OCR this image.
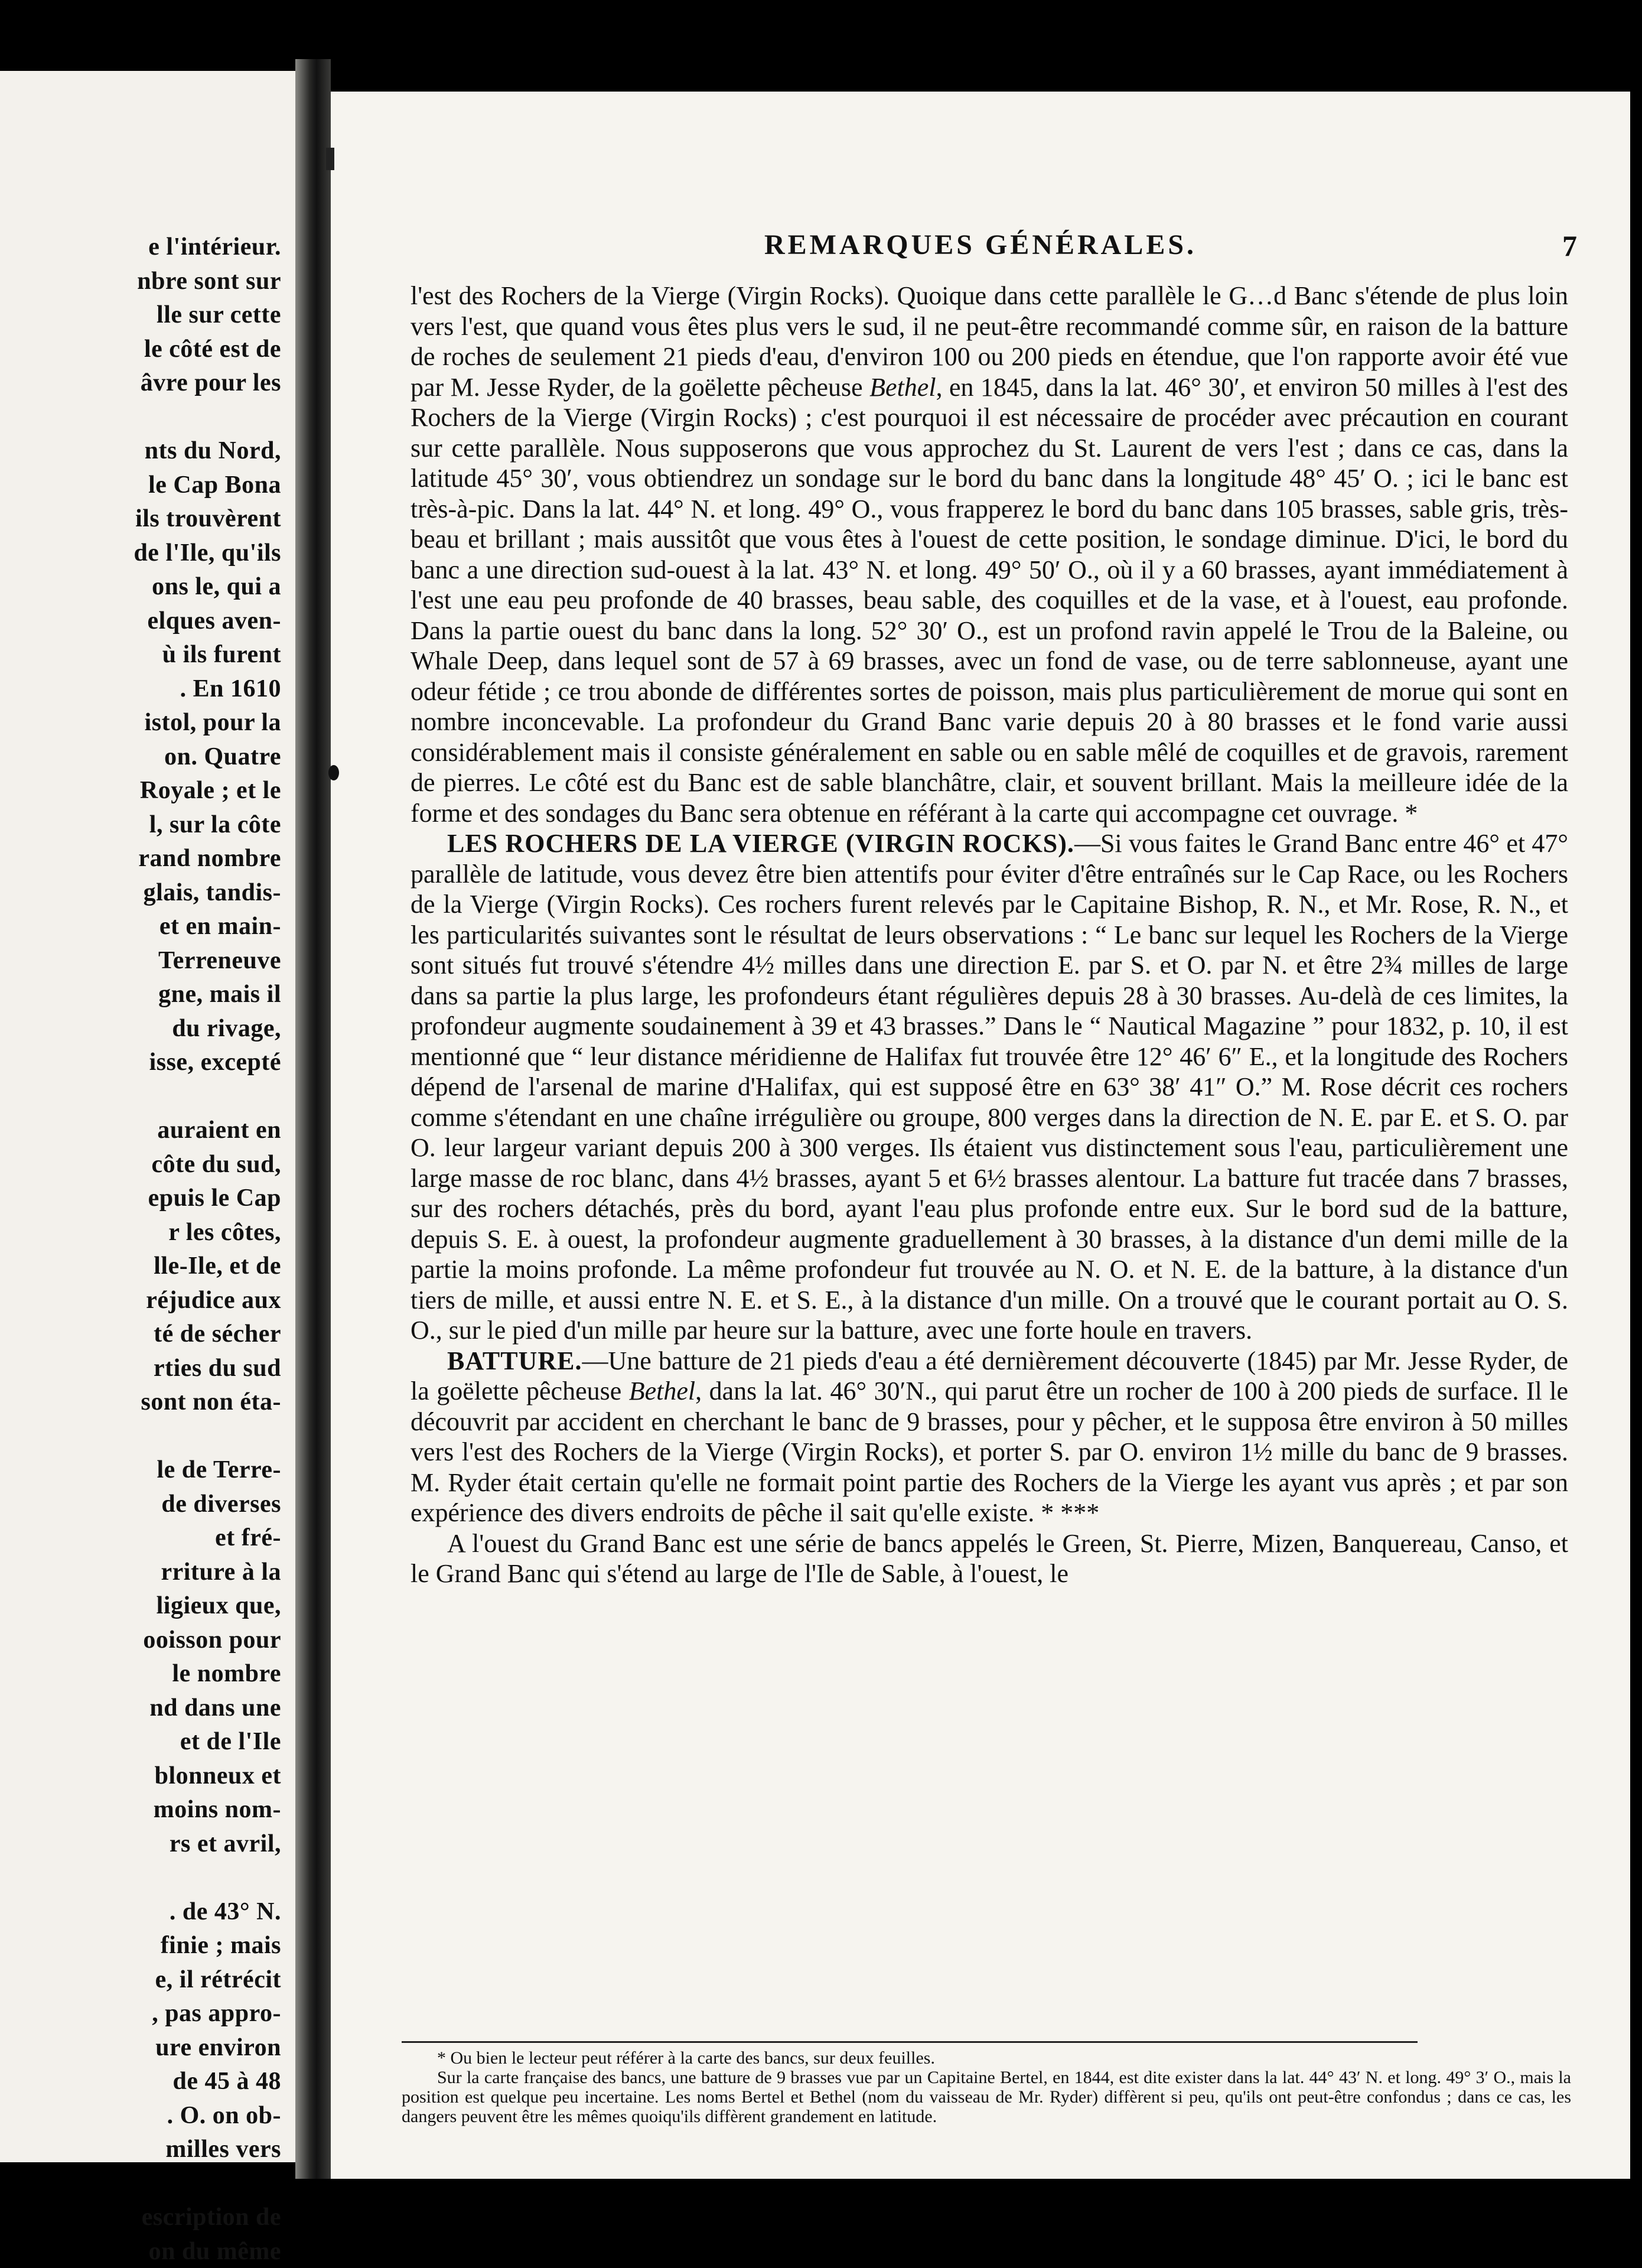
e l'intérieur.
nbre sont sur
lle sur cette
le côté est de
âvre pour les
nts du Nord,
le Cap Bona
ils trouvèrent
de l'Ile, qu'ils
ons le, qui a
elques aven-
ù ils furent
. En 1610
istol, pour la
on. Quatre
Royale ; et le
l, sur la côte
rand nombre
glais, tandis-
et en main-
Terreneuve
gne, mais il
du rivage,
isse, excepté
auraient en
côte du sud,
epuis le Cap
r les côtes,
lle-Ile, et de
réjudice aux
té de sécher
rties du sud
sont non éta-
le de Terre-
de diverses
et fré-
rriture à la
ligieux que,
ooisson pour
le nombre
nd dans une
et de l'Ile
blonneux et
moins nom-
rs et avril,
. de 43° N.
finie ; mais
e, il rétrécit
, pas appro-
ure environ
de 45 à 48
. O. on ob-
milles vers
escription de
on du même
REMARQUES GÉNÉRALES.	7

l'est des Rochers de la Vierge (Virgin Rocks). Quoique dans cette parallèle le G…d Banc s'étende de plus loin vers l'est, que quand vous êtes plus vers le sud, il ne peut-être recommandé comme sûr, en raison de la batture de roches de seulement 21 pieds d'eau, d'environ 100 ou 200 pieds en étendue, que l'on rapporte avoir été vue par M. Jesse Ryder, de la goëlette pêcheuse Bethel, en 1845, dans la lat. 46° 30′, et environ 50 milles à l'est des Rochers de la Vierge (Virgin Rocks) ; c'est pourquoi il est nécessaire de procéder avec précaution en courant sur cette parallèle. Nous supposerons que vous approchez du St. Laurent de vers l'est ; dans ce cas, dans la latitude 45° 30′, vous obtiendrez un sondage sur le bord du banc dans la longitude 48° 45′ O. ; ici le banc est très-à-pic. Dans la lat. 44° N. et long. 49° O., vous frapperez le bord du banc dans 105 brasses, sable gris, très-beau et brillant ; mais aussitôt que vous êtes à l'ouest de cette position, le sondage diminue. D'ici, le bord du banc a une direction sud-ouest à la lat. 43° N. et long. 49° 50′ O., où il y a 60 brasses, ayant immédiatement à l'est une eau peu profonde de 40 brasses, beau sable, des coquilles et de la vase, et à l'ouest, eau profonde. Dans la partie ouest du banc dans la long. 52° 30′ O., est un profond ravin appelé le Trou de la Baleine, ou Whale Deep, dans lequel sont de 57 à 69 brasses, avec un fond de vase, ou de terre sablonneuse, ayant une odeur fétide ; ce trou abonde de différentes sortes de poisson, mais plus particulièrement de morue qui sont en nombre inconcevable. La profondeur du Grand Banc varie depuis 20 à 80 brasses et le fond varie aussi considérablement mais il consiste généralement en sable ou en sable mêlé de coquilles et de gravois, rarement de pierres. Le côté est du Banc est de sable blanchâtre, clair, et souvent brillant. Mais la meilleure idée de la forme et des sondages du Banc sera obtenue en référant à la carte qui accompagne cet ouvrage. *

LES ROCHERS DE LA VIERGE (VIRGIN ROCKS).—Si vous faites le Grand Banc entre 46° et 47° parallèle de latitude, vous devez être bien attentifs pour éviter d'être entraînés sur le Cap Race, ou les Rochers de la Vierge (Virgin Rocks). Ces rochers furent relevés par le Capitaine Bishop, R. N., et Mr. Rose, R. N., et les particularités suivantes sont le résultat de leurs observations : “ Le banc sur lequel les Rochers de la Vierge sont situés fut trouvé s'étendre 4½ milles dans une direction E. par S. et O. par N. et être 2¾ milles de large dans sa partie la plus large, les profondeurs étant régulières depuis 28 à 30 brasses. Au-delà de ces limites, la profondeur augmente soudainement à 39 et 43 brasses.” Dans le “ Nautical Magazine ” pour 1832, p. 10, il est mentionné que “ leur distance méridienne de Halifax fut trouvée être 12° 46′ 6″ E., et la longitude des Rochers dépend de l'arsenal de marine d'Halifax, qui est supposé être en 63° 38′ 41″ O.” M. Rose décrit ces rochers comme s'étendant en une chaîne irrégulière ou groupe, 800 verges dans la direction de N. E. par E. et S. O. par O. leur largeur variant depuis 200 à 300 verges. Ils étaient vus distinctement sous l'eau, particulièrement une large masse de roc blanc, dans 4½ brasses, ayant 5 et 6½ brasses alentour. La batture fut tracée dans 7 brasses, sur des rochers détachés, près du bord, ayant l'eau plus profonde entre eux. Sur le bord sud de la batture, depuis S. E. à ouest, la profondeur augmente graduellement à 30 brasses, à la distance d'un demi mille de la partie la moins profonde. La même profondeur fut trouvée au N. O. et N. E. de la batture, à la distance d'un tiers de mille, et aussi entre N. E. et S. E., à la distance d'un mille. On a trouvé que le courant portait au O. S. O., sur le pied d'un mille par heure sur la batture, avec une forte houle en travers.

BATTURE.—Une batture de 21 pieds d'eau a été dernièrement découverte (1845) par Mr. Jesse Ryder, de la goëlette pêcheuse Bethel, dans la lat. 46° 30′N., qui parut être un rocher de 100 à 200 pieds de surface. Il le découvrit par accident en cherchant le banc de 9 brasses, pour y pêcher, et le supposa être environ à 50 milles vers l'est des Rochers de la Vierge (Virgin Rocks), et porter S. par O. environ 1½ mille du banc de 9 brasses. M. Ryder était certain qu'elle ne formait point partie des Rochers de la Vierge les ayant vus après ; et par son expérience des divers endroits de pêche il sait qu'elle existe. * ***

A l'ouest du Grand Banc est une série de bancs appelés le Green, St. Pierre, Mizen, Banquereau, Canso, et le Grand Banc qui s'étend au large de l'Ile de Sable, à l'ouest, le

* Ou bien le lecteur peut référer à la carte des bancs, sur deux feuilles.

Sur la carte française des bancs, une batture de 9 brasses vue par un Capitaine Bertel, en 1844, est dite exister dans la lat. 44° 43′ N. et long. 49° 3′ O., mais la position est quelque peu incertaine. Les noms Bertel et Bethel (nom du vaisseau de Mr. Ryder) diffèrent si peu, qu'ils ont peut-être confondus ; dans ce cas, les dangers peuvent être les mêmes quoiqu'ils diffèrent grandement en latitude.
